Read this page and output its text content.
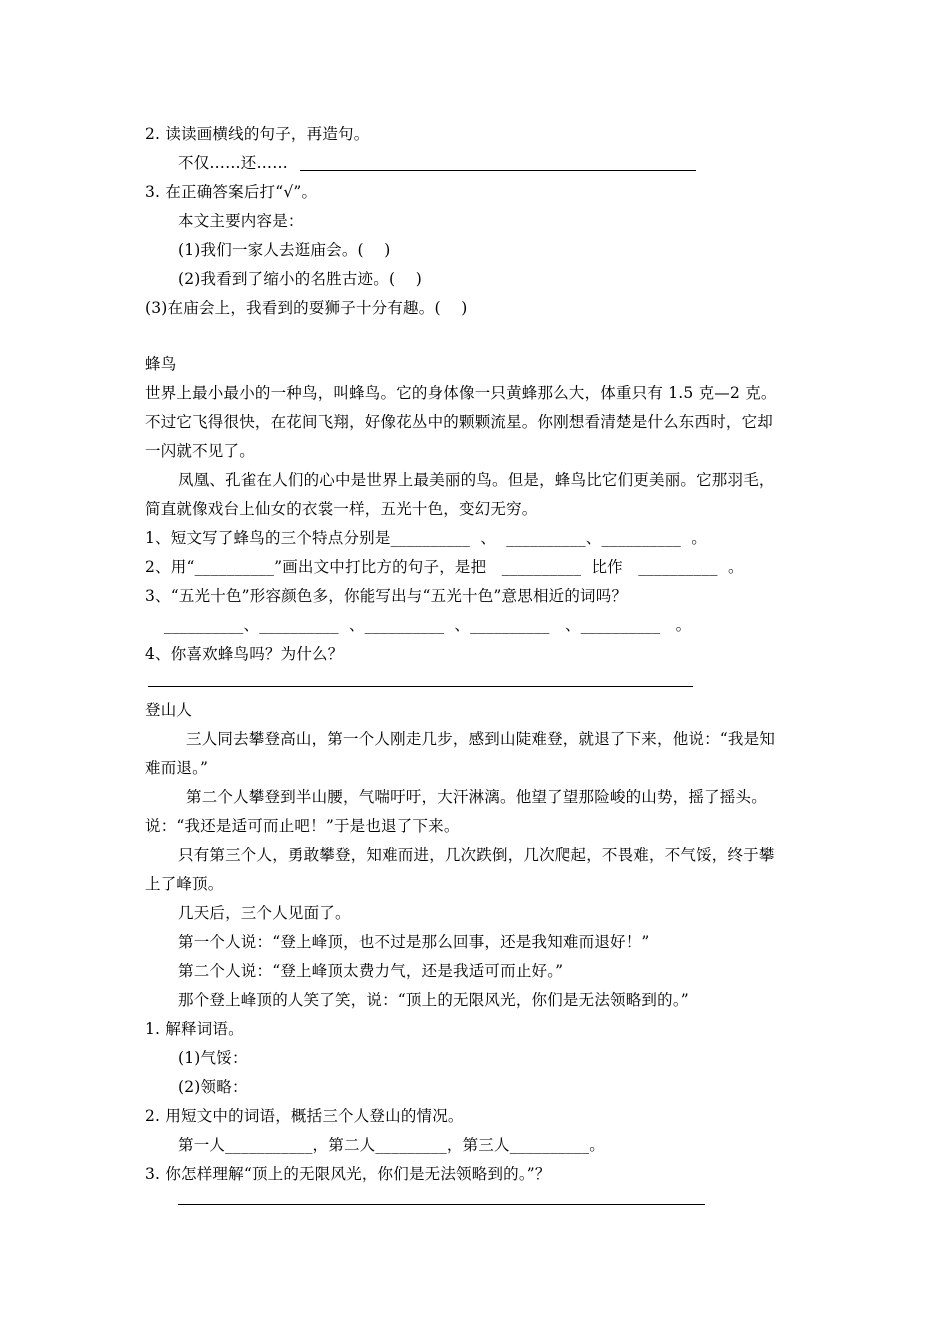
2. 读读画横线的句子，再造句。
不仅……还……
3. 在正确答案后打“√”。
本文主要内容是：
(1)我们一家人去逛庙会。(    )
(2)我看到了缩小的名胜古迹。(    )
(3)在庙会上，我看到的耍狮子十分有趣。(    )
蜂鸟
世界上最小最小的一种鸟，叫蜂鸟。它的身体像一只黄蜂那么大，体重只有 1.5 克—2 克。
不过它飞得很快，在花间飞翔，好像花丛中的颗颗流星。你刚想看清楚是什么东西时，它却
一闪就不见了。
凤凰、孔雀在人们的心中是世界上最美丽的鸟。但是，蜂鸟比它们更美丽。它那羽毛，
简直就像戏台上仙女的衣裳一样，五光十色，变幻无穷。
1、短文写了蜂鸟的三个特点分别是__________  、  __________、__________  。
2、用“__________”画出文中打比方的句子，是把   __________  比作   __________  。
3、“五光十色”形容颜色多，你能写出与“五光十色”意思相近的词吗？
__________、__________  、__________  、__________   、__________   。
4、你喜欢蜂鸟吗？为什么？
登山人
三人同去攀登高山，第一个人刚走几步，感到山陡难登，就退了下来，他说：“我是知
难而退。”
第二个人攀登到半山腰，气喘吁吁，大汗淋漓。他望了望那险峻的山势，摇了摇头。
说：“我还是适可而止吧！”于是也退了下来。
只有第三个人，勇敢攀登，知难而进，几次跌倒，几次爬起，不畏难，不气馁，终于攀
上了峰顶。
几天后，三个人见面了。
第一个人说：“登上峰顶，也不过是那么回事，还是我知难而退好！”
第二个人说：“登上峰顶太费力气，还是我适可而止好。”
那个登上峰顶的人笑了笑，说：“顶上的无限风光，你们是无法领略到的。”
1. 解释词语。
(1)气馁：
(2)领略：
2. 用短文中的词语，概括三个人登山的情况。
第一人___________，第二人_________，第三人__________。
3. 你怎样理解“顶上的无限风光，你们是无法领略到的。”？
